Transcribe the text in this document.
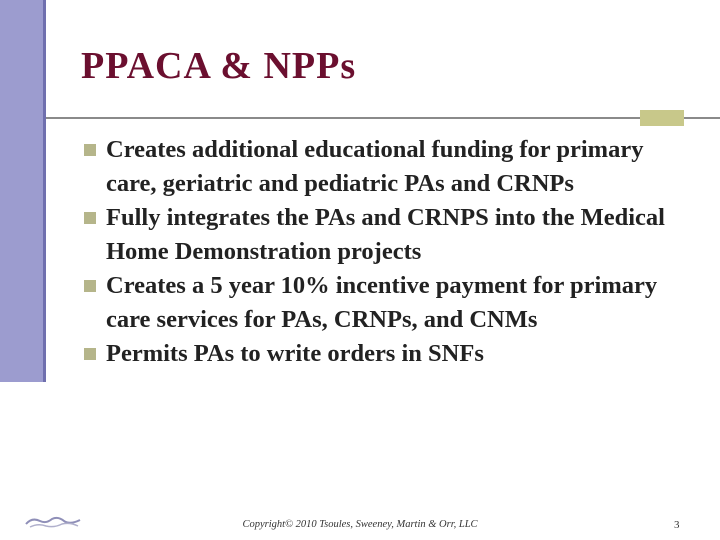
PPACA & NPPs
Creates additional educational funding for primary care, geriatric and pediatric PAs and CRNPs
Fully integrates the PAs and CRNPS into the Medical Home Demonstration projects
Creates a 5 year 10% incentive payment for primary care services for PAs, CRNPs, and CNMs
Permits PAs to write orders in SNFs
Copyright© 2010 Tsoules, Sweeney, Martin & Orr, LLC	3
